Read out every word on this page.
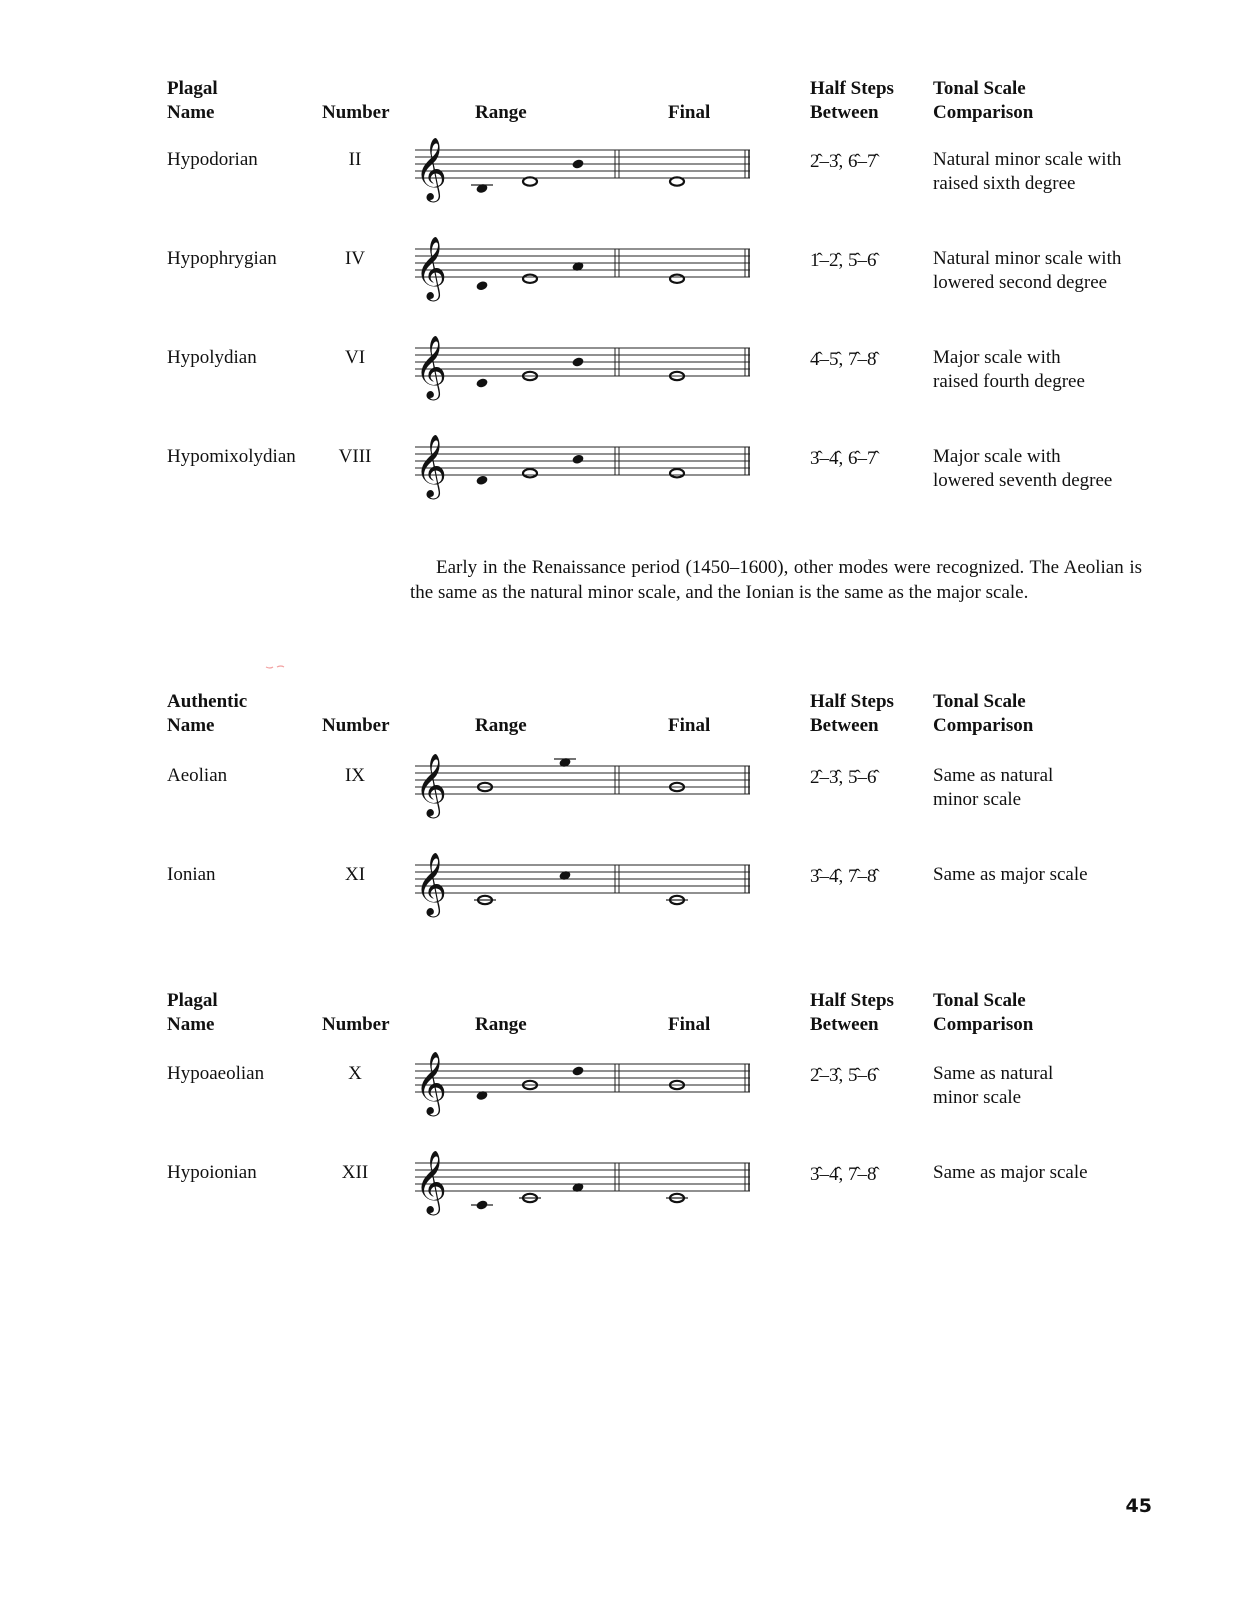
Plagal
Name	Number	Range	Final
Half Steps
Between
Tonal Scale
Comparison
Hypodorian	II 𝄞	2̂–3̂, 6̂–7̂	Natural minor scale with
raised sixth degree
Hypophrygian	IV 𝄞	1̂–2̂, 5̂–6̂	Natural minor scale with
lowered second degree
Hypolydian	VI 𝄞	4̂–5̂, 7̂–8̂	Major scale with
raised fourth degree
Hypomixolydian	VIII 𝄞	3̂–4̂, 6̂–7̂	Major scale with
lowered seventh degree
Early in the Renaissance period (1450–1600), other modes were recognized. The Aeolian is the same as the natural minor scale, and the Ionian is the same as the major scale.
Authentic
Name	Number	Range	Final
Half Steps
Between
Tonal Scale
Comparison
Aeolian	IX 𝄞	2̂–3̂, 5̂–6̂	Same as natural
minor scale
Ionian	XI 𝄞	3̂–4̂, 7̂–8̂	Same as major scale
Plagal
Name	Number	Range	Final
Half Steps
Between
Tonal Scale
Comparison
Hypoaeolian	X 𝄞	2̂–3̂, 5̂–6̂	Same as natural
minor scale
Hypoionian	XII 𝄞	3̂–4̂, 7̂–8̂	Same as major scale
45
